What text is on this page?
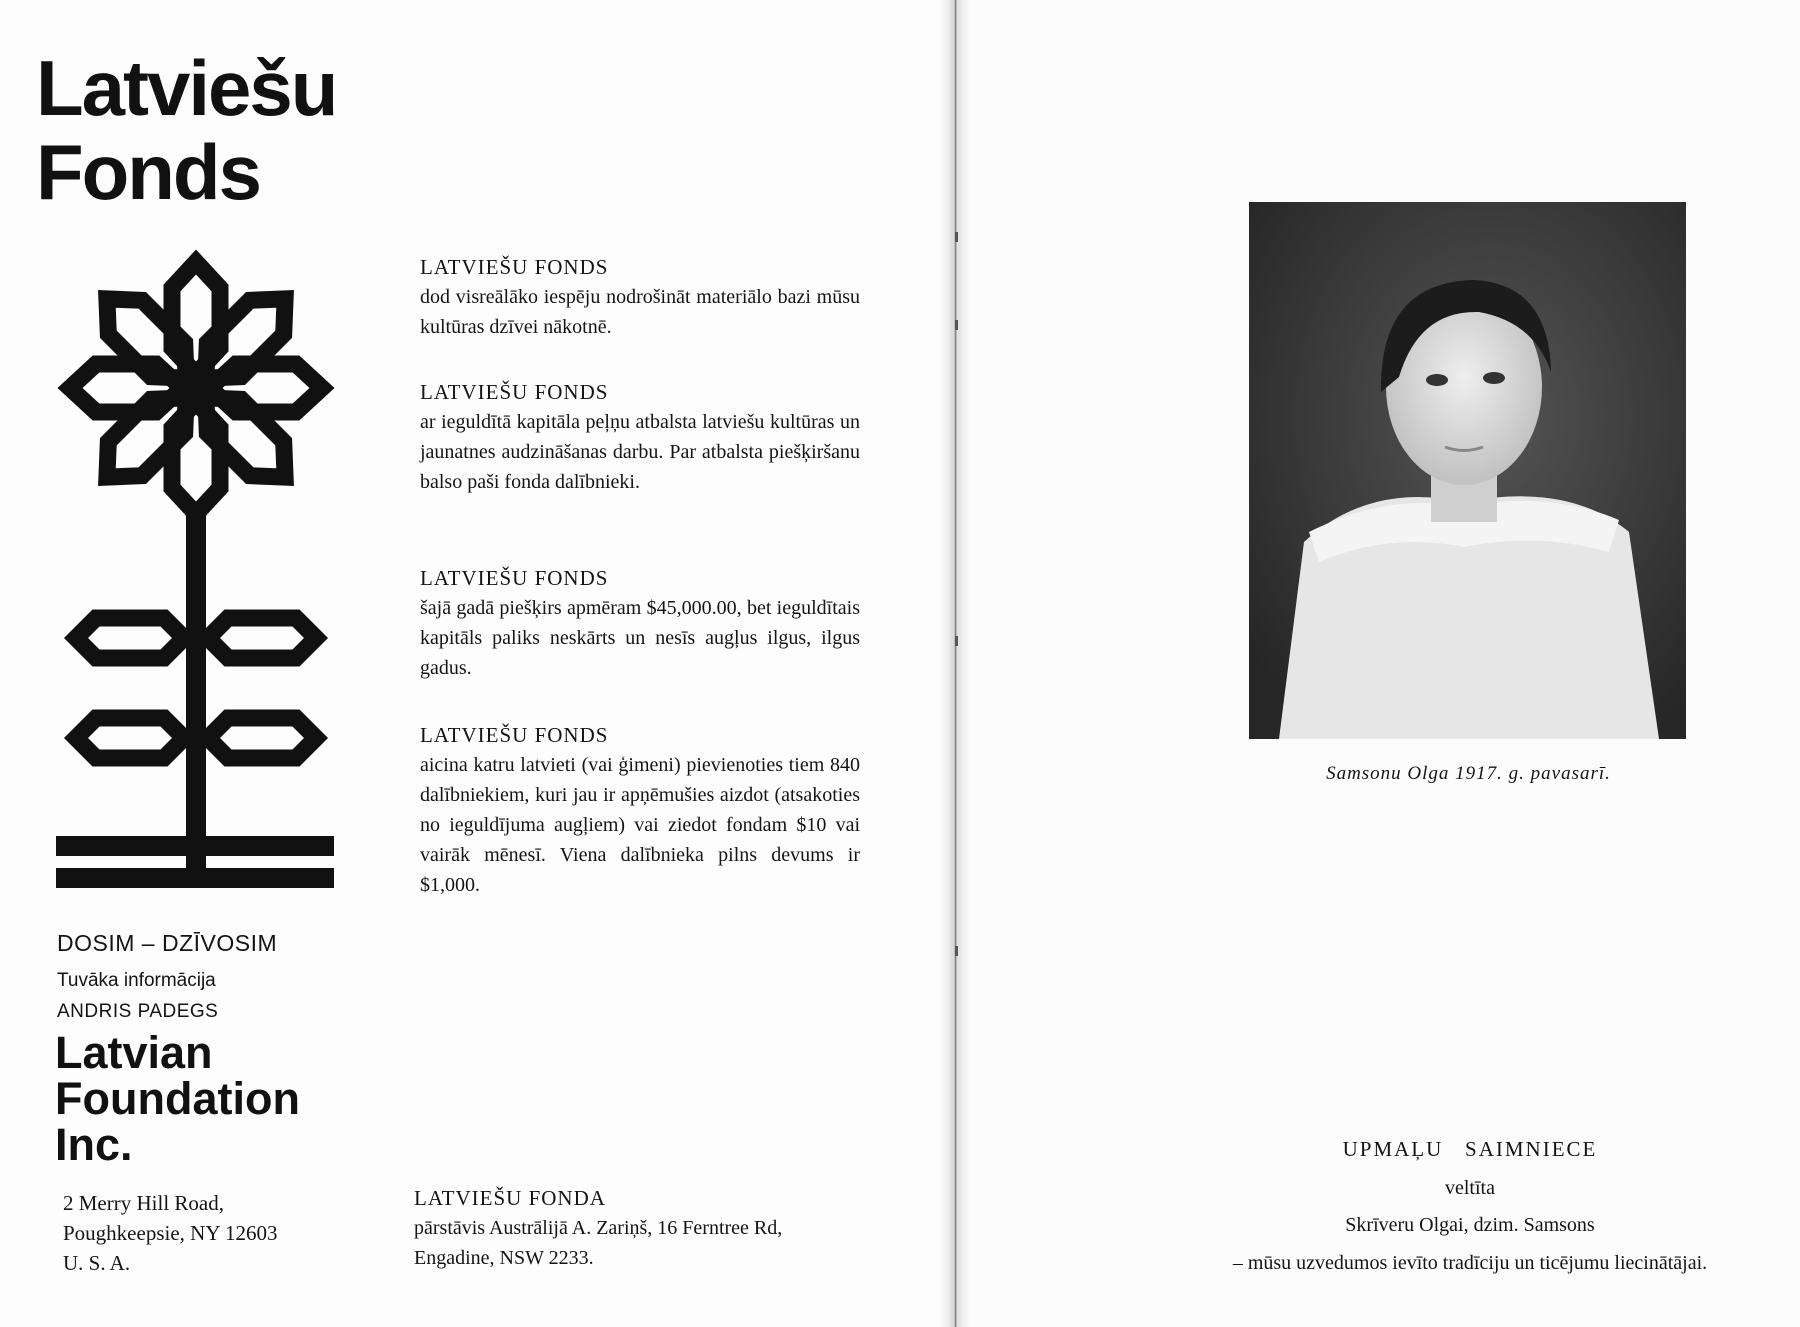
Latviešu
Fonds
DOSIM – DZĪVOSIM
Tuvāka informācija
ANDRIS PADEGS
Latvian
Foundation
Inc.
2 Merry Hill Road,
Poughkeepsie, NY 12603
U. S. A.
LATVIEŠU FONDS
dod visreālāko iespēju nodrošināt materiālo bazi mūsu kultūras dzīvei nākotnē.
LATVIEŠU FONDS
ar ieguldītā kapitāla peļņu atbalsta latviešu kultūras un jaunatnes audzināšanas darbu. Par atbalsta piešķiršanu balso paši fonda dalībnieki.
LATVIEŠU FONDS
šajā gadā piešķirs apmēram $45,000.00, bet ieguldītais kapitāls paliks neskārts un nesīs augļus ilgus, ilgus gadus.
LATVIEŠU FONDS
aicina katru latvieti (vai ģimeni) pievienoties tiem 840 dalībniekiem, kuri jau ir apņēmušies aizdot (atsakoties no ieguldījuma augļiem) vai ziedot fondam $10 vai vairāk mēnesī. Viena dalībnieka pilns devums ir $1,000.
LATVIEŠU FONDA
pārstāvis Austrālijā A. Zariņš, 16 Ferntree Rd,
Engadine, NSW 2233.
Samsonu Olga 1917. g. pavasarī.
UPMAĻU   SAIMNIECE
veltīta
Skrīveru Olgai, dzim. Samsons
– mūsu uzvedumos ievīto tradīciju un ticējumu liecinātājai.
